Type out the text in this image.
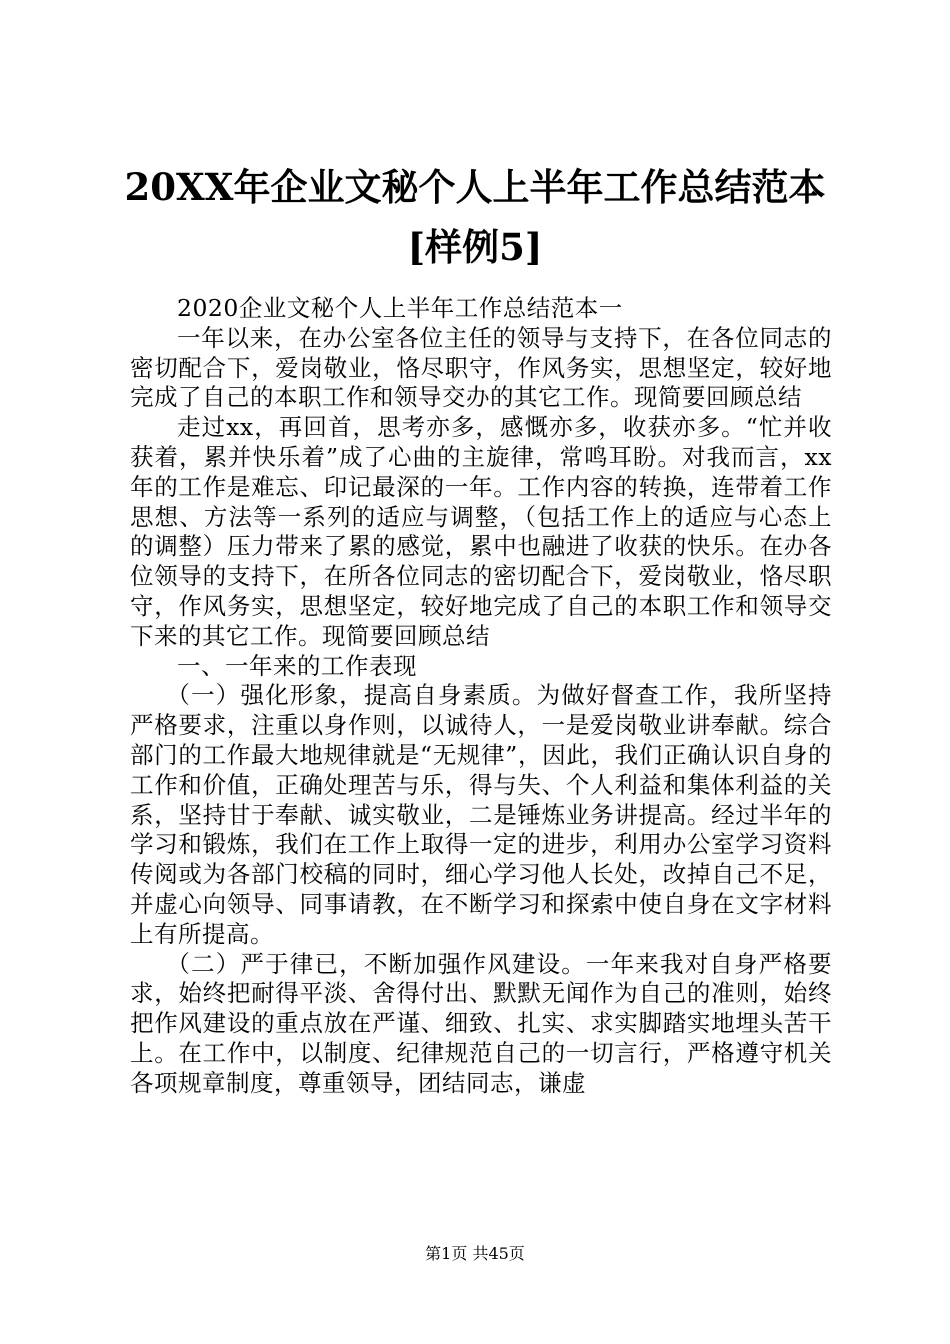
20XX年企业文秘个人上半年工作总结范本[样例5]

2020企业文秘个人上半年工作总结范本一

一年以来，在办公室各位主任的领导与支持下，在各位同志的密切配合下，爱岗敬业，恪尽职守，作风务实，思想坚定，较好地完成了自己的本职工作和领导交办的其它工作。现简要回顾总结

走过xx，再回首，思考亦多，感慨亦多，收获亦多。“忙并收获着，累并快乐着”成了心曲的主旋律，常鸣耳盼。对我而言，xx年的工作是难忘、印记最深的一年。工作内容的转换，连带着工作思想、方法等一系列的适应与调整，（包括工作上的适应与心态上的调整）压力带来了累的感觉，累中也融进了收获的快乐。在办各位领导的支持下，在所各位同志的密切配合下，爱岗敬业，恪尽职守，作风务实，思想坚定，较好地完成了自己的本职工作和领导交下来的其它工作。现简要回顾总结

一、一年来的工作表现

（一）强化形象，提高自身素质。为做好督查工作，我所坚持严格要求，注重以身作则，以诚待人，一是爱岗敬业讲奉献。综合部门的工作最大地规律就是“无规律”，因此，我们正确认识自身的工作和价值，正确处理苦与乐，得与失、个人利益和集体利益的关系，坚持甘于奉献、诚实敬业，二是锤炼业务讲提高。经过半年的学习和锻炼，我们在工作上取得一定的进步，利用办公室学习资料传阅或为各部门校稿的同时，细心学习他人长处，改掉自己不足，并虚心向领导、同事请教，在不断学习和探索中使自身在文字材料上有所提高。

（二）严于律已，不断加强作风建设。一年来我对自身严格要求，始终把耐得平淡、舍得付出、默默无闻作为自己的准则，始终把作风建设的重点放在严谨、细致、扎实、求实脚踏实地埋头苦干上。在工作中，以制度、纪律规范自己的一切言行，严格遵守机关各项规章制度，尊重领导，团结同志，谦虚

第1页 共45页
